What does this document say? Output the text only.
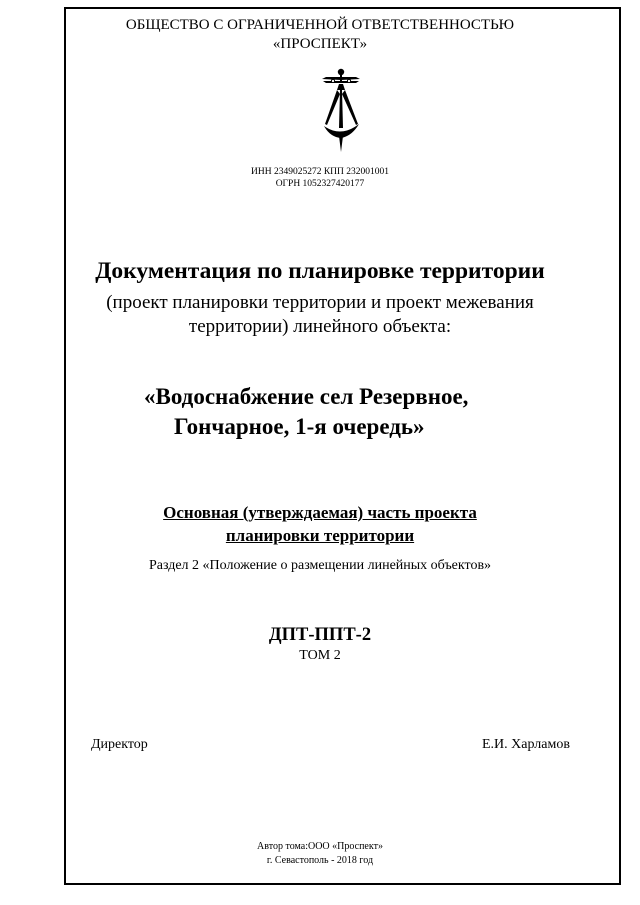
ОБЩЕСТВО С ОГРАНИЧЕННОЙ ОТВЕТСТВЕННОСТЬЮ
«ПРОСПЕКТ»
ИНН 2349025272 КПП 232001001
ОГРН 1052327420177
Документация по планировке территории
(проект планировки территории и проект межевания
территории) линейного объекта:
«Водоснабжение сел Резервное,
Гончарное, 1-я очередь»
Основная (утверждаемая) часть проекта
планировки территории
Раздел 2 «Положение о размещении линейных объектов»
ДПТ-ППТ-2
ТОМ 2
Директор	Е.И. Харламов
Автор тома:ООО «Проспект»
г. Севастополь - 2018 год
